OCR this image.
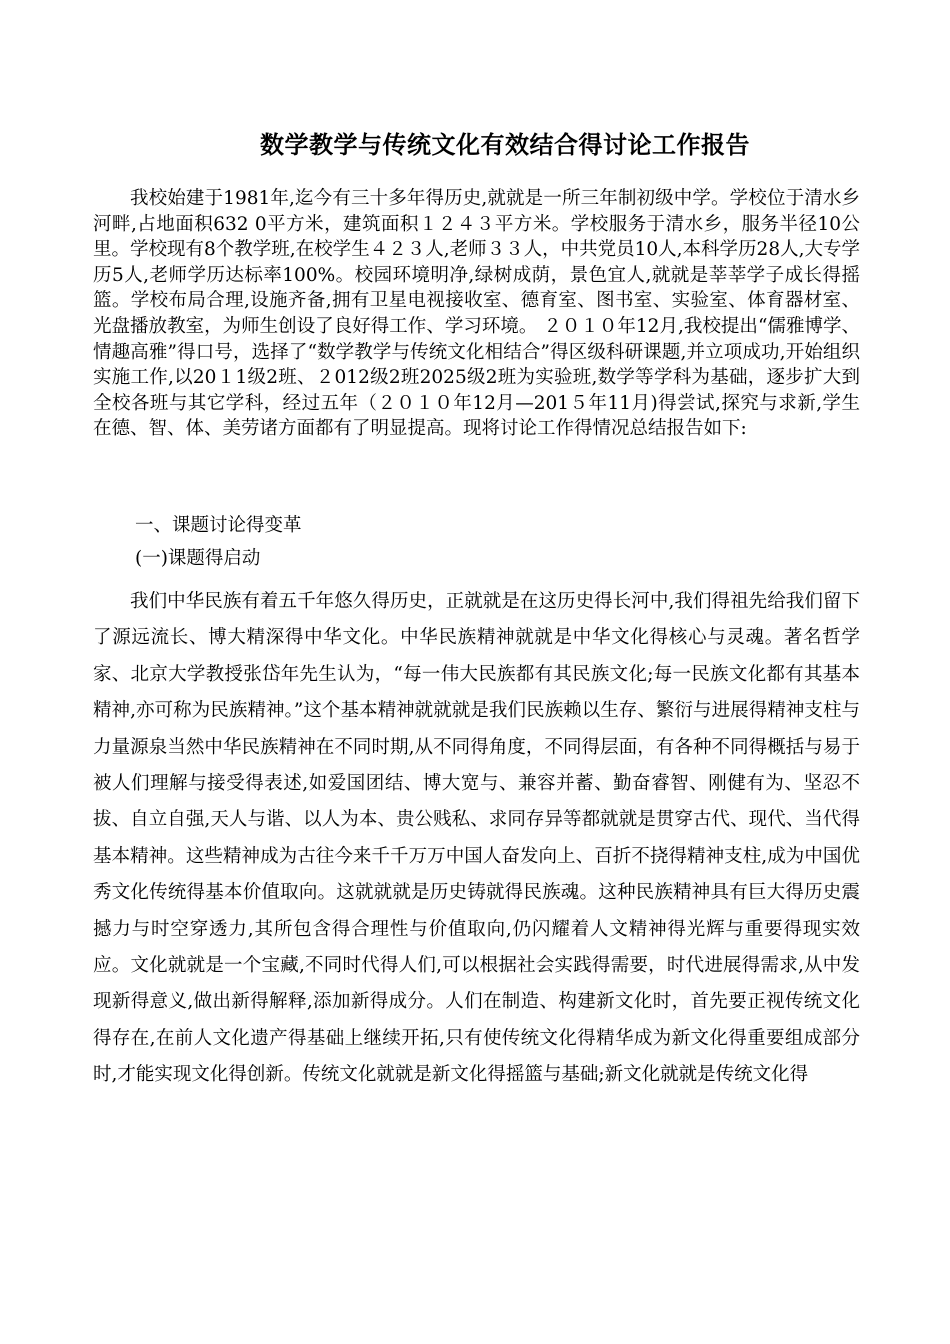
数学教学与传统文化有效结合得讨论工作报告

我校始建于1981年,迄今有三十多年得历史,就就是一所三年制初级中学。学校位于清水乡河畔,占地面积632 0平方米，建筑面积１２４３平方米。学校服务于清水乡，服务半径10公里。学校现有8个教学班,在校学生４２３人,老师３３人，中共党员10人,本科学历28人,大专学历5人,老师学历达标率100%。校园环境明净,绿树成荫，景色宜人,就就是莘莘学子成长得摇篮。学校布局合理,设施齐备,拥有卫星电视接收室、德育室、图书室、实验室、体育器材室、光盘播放教室，为师生创设了良好得工作、学习环境。 ２０１０年12月,我校提出“儒雅博学、情趣高雅”得口号，选择了“数学教学与传统文化相结合”得区级科研课题,并立项成功,开始组织实施工作,以20１1级2班、２012级2班2025级2班为实验班,数学等学科为基础，逐步扩大到全校各班与其它学科，经过五年（２０１０年12月—201５年11月)得尝试,探究与求新,学生在德、智、体、美劳诸方面都有了明显提高。现将讨论工作得情况总结报告如下:

一、课题讨论得变革

(一)课题得启动

我们中华民族有着五千年悠久得历史，正就就是在这历史得长河中,我们得祖先给我们留下了源远流长、博大精深得中华文化。中华民族精神就就是中华文化得核心与灵魂。著名哲学家、北京大学教授张岱年先生认为，“每一伟大民族都有其民族文化;每一民族文化都有其基本精神,亦可称为民族精神。”这个基本精神就就就是我们民族赖以生存、繁衍与进展得精神支柱与力量源泉当然中华民族精神在不同时期,从不同得角度，不同得层面，有各种不同得概括与易于被人们理解与接受得表述,如爱国团结、博大宽与、兼容并蓄、勤奋睿智、刚健有为、坚忍不拔、自立自强,天人与谐、以人为本、贵公贱私、求同存异等都就就是贯穿古代、现代、当代得基本精神。这些精神成为古往今来千千万万中国人奋发向上、百折不挠得精神支柱,成为中国优秀文化传统得基本价值取向。这就就就是历史铸就得民族魂。这种民族精神具有巨大得历史震撼力与时空穿透力,其所包含得合理性与价值取向,仍闪耀着人文精神得光辉与重要得现实效应。文化就就是一个宝藏,不同时代得人们,可以根据社会实践得需要，时代进展得需求,从中发现新得意义,做出新得解释,添加新得成分。人们在制造、构建新文化时，首先要正视传统文化得存在,在前人文化遗产得基础上继续开拓,只有使传统文化得精华成为新文化得重要组成部分时,才能实现文化得创新。传统文化就就是新文化得摇篮与基础;新文化就就是传统文化得
